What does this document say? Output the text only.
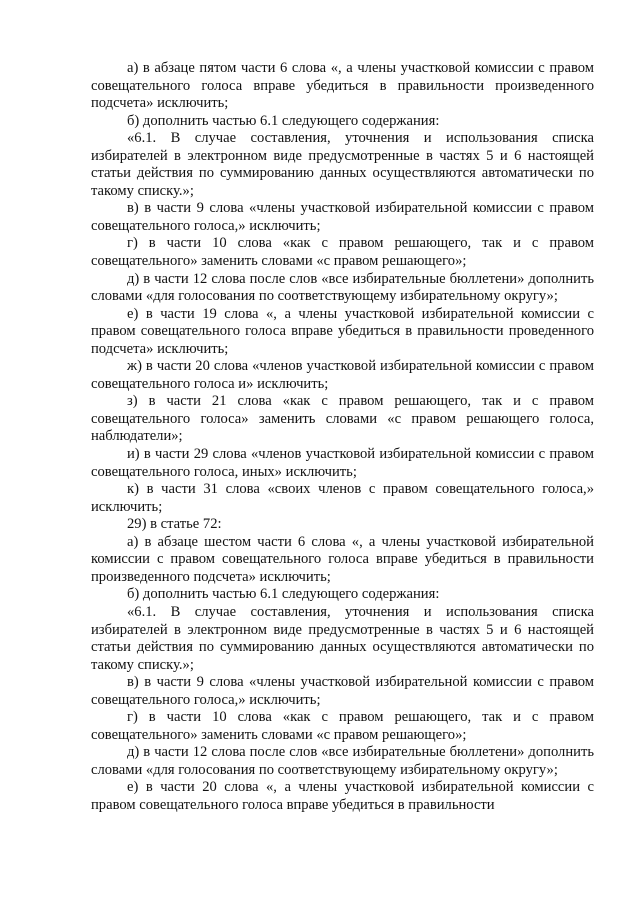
а) в абзаце пятом части 6 слова «, а члены участковой комиссии с правом совещательного голоса вправе убедиться в правильности произведенного подсчета» исключить;

б) дополнить частью 6.1 следующего содержания:

«6.1. В случае составления, уточнения и использования списка избирателей в электронном виде предусмотренные в частях 5 и 6 настоящей статьи действия по суммированию данных осуществляются автоматически по такому списку.»;

в) в части 9 слова «члены участковой избирательной комиссии с правом совещательного голоса,» исключить;

г) в части 10 слова «как с правом решающего, так и с правом совещательного» заменить словами «с правом решающего»;

д) в части 12 слова после слов «все избирательные бюллетени» дополнить словами «для голосования по соответствующему избирательному округу»;

е) в части 19 слова «, а члены участковой избирательной комиссии с правом совещательного голоса вправе убедиться в правильности проведенного подсчета» исключить;

ж) в части 20 слова «членов участковой избирательной комиссии с правом совещательного голоса и» исключить;

з) в части 21 слова «как с правом решающего, так и с правом совещательного голоса» заменить словами «с правом решающего голоса, наблюдатели»;

и) в части 29 слова «членов участковой избирательной комиссии с правом совещательного голоса, иных» исключить;

к) в части 31 слова «своих членов с правом совещательного голоса,» исключить;

29) в статье 72:

а) в абзаце шестом части 6 слова «, а члены участковой избирательной комиссии с правом совещательного голоса вправе убедиться в правильности произведенного подсчета» исключить;

б) дополнить частью 6.1 следующего содержания:

«6.1. В случае составления, уточнения и использования списка избирателей в электронном виде предусмотренные в частях 5 и 6 настоящей статьи действия по суммированию данных осуществляются автоматически по такому списку.»;

в) в части 9 слова «члены участковой избирательной комиссии с правом совещательного голоса,» исключить;

г) в части 10 слова «как с правом решающего, так и с правом совещательного» заменить словами «с правом решающего»;

д) в части 12 слова после слов «все избирательные бюллетени» дополнить словами «для голосования по соответствующему избирательному округу»;

е) в части 20 слова «, а члены участковой избирательной комиссии с правом совещательного голоса вправе убедиться в правильности
